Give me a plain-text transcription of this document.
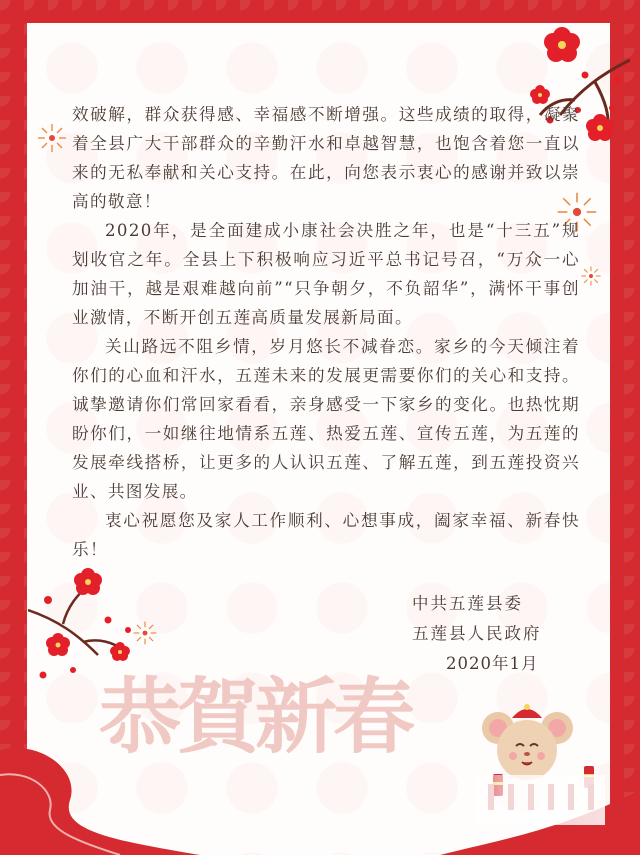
恭賀新春

效破解，群众获得感、幸福感不断增强。这些成绩的取得，凝聚着全县广大干部群众的辛勤汗水和卓越智慧，也饱含着您一直以来的无私奉献和关心支持。在此，向您表示衷心的感谢并致以崇高的敬意！

2020年，是全面建成小康社会决胜之年，也是“十三五”规划收官之年。全县上下积极响应习近平总书记号召，“万众一心加油干，越是艰难越向前”“只争朝夕，不负韶华”，满怀干事创业激情，不断开创五莲高质量发展新局面。

关山路远不阻乡情，岁月悠长不减眷恋。家乡的今天倾注着你们的心血和汗水，五莲未来的发展更需要你们的关心和支持。诚挚邀请你们常回家看看，亲身感受一下家乡的变化。也热忱期盼你们，一如继往地情系五莲、热爱五莲、宣传五莲，为五莲的发展牵线搭桥，让更多的人认识五莲、了解五莲，到五莲投资兴业、共图发展。

衷心祝愿您及家人工作顺利、心想事成，阖家幸福、新春快乐！

中共五莲县委
五莲县人民政府
2020年1月
